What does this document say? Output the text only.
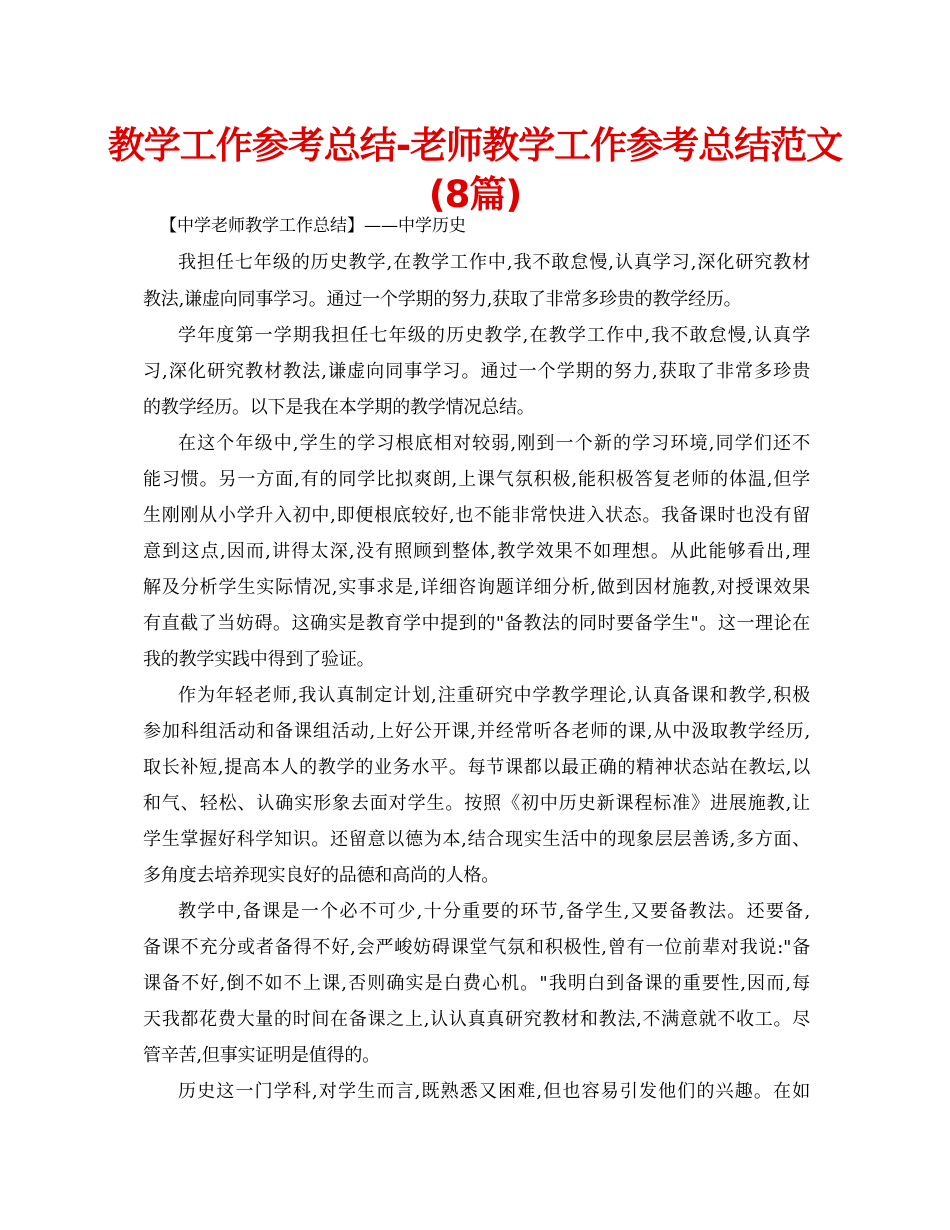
教学工作参考总结-老师教学工作参考总结范文
(8篇)
【中学老师教学工作总结】——中学历史
我担任七年级的历史教学,在教学工作中,我不敢怠慢,认真学习,深化研究教材
教法,谦虚向同事学习。通过一个学期的努力,获取了非常多珍贵的教学经历。
学年度第一学期我担任七年级的历史教学,在教学工作中,我不敢怠慢,认真学
习,深化研究教材教法,谦虚向同事学习。通过一个学期的努力,获取了非常多珍贵
的教学经历。以下是我在本学期的教学情况总结。
在这个年级中,学生的学习根底相对较弱,刚到一个新的学习环境,同学们还不
能习惯。另一方面,有的同学比拟爽朗,上课气氛积极,能积极答复老师的体温,但学
生刚刚从小学升入初中,即便根底较好,也不能非常快进入状态。我备课时也没有留
意到这点,因而,讲得太深,没有照顾到整体,教学效果不如理想。从此能够看出,理
解及分析学生实际情况,实事求是,详细咨询题详细分析,做到因材施教,对授课效果
有直截了当妨碍。这确实是教育学中提到的"备教法的同时要备学生"。这一理论在
我的教学实践中得到了验证。
作为年轻老师,我认真制定计划,注重研究中学教学理论,认真备课和教学,积极
参加科组活动和备课组活动,上好公开课,并经常听各老师的课,从中汲取教学经历,
取长补短,提高本人的教学的业务水平。每节课都以最正确的精神状态站在教坛,以
和气、轻松、认确实形象去面对学生。按照《初中历史新课程标准》进展施教,让
学生掌握好科学知识。还留意以德为本,结合现实生活中的现象层层善诱,多方面、
多角度去培养现实良好的品德和高尚的人格。
教学中,备课是一个必不可少,十分重要的环节,备学生,又要备教法。还要备,
备课不充分或者备得不好,会严峻妨碍课堂气氛和积极性,曾有一位前辈对我说:"备
课备不好,倒不如不上课,否则确实是白费心机。"我明白到备课的重要性,因而,每
天我都花费大量的时间在备课之上,认认真真研究教材和教法,不满意就不收工。尽
管辛苦,但事实证明是值得的。
历史这一门学科,对学生而言,既熟悉又困难,但也容易引发他们的兴趣。在如
